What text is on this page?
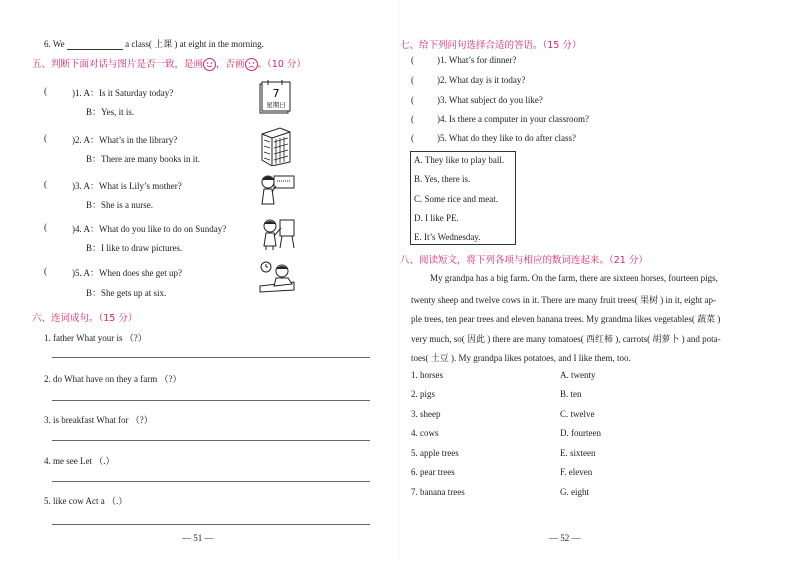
6. We	a class( 上课 ) at eight in the morning.
五、判断下面对话与图片是否一致，是画 ，否画 。（10 分）
(	)1. A：Is it Saturday today?
B：Yes, it is.
(	)2. A：What’s in the library?
B：There are many books in it.
(	)3. A：What is Lily’s mother?
B：She is a nurse.
(	)4. A：What do you like to do on Sunday?
B：I like to draw pictures.
(	)5. A：When does she get up?
B：She gets up at six.
7
星期日
六、连词成句。（15 分）
1. father What your is （?）
2. do What have on they a farm （?）
3. is breakfast What for （?）
4. me see Let （.）
5. like cow Act a （.）
— 51 —
七、给下列问句选择合适的答语。（15 分）
(	)1. What’s for dinner?
(	)2. What day is it today?
(	)3. What subject do you like?
(	)4. Is there a computer in your classroom?
(	)5. What do they like to do after class?
A. They like to play ball.
B. Yes, there is.
C. Some rice and meat.
D. I like PE.
E. It’s Wednesday.
八、阅读短文，将下列各项与相应的数词连起来。（21 分）
My grandpa has a big farm. On the farm, there are sixteen horses, fourteen pigs,
twenty sheep and twelve cows in it. There are many fruit trees( 果树 ) in it, eight ap-
ple trees, ten pear trees and eleven banana trees. My grandma likes vegetables( 蔬菜 )
very much, so( 因此 ) there are many tomatoes( 西红柿 ), carrots( 胡萝卜 ) and pota-
toes( 土豆 ). My grandpa likes potatoes, and I like them, too.
1. horses
2. pigs
3. sheep
4. cows
5. apple trees
6. pear trees
7. banana trees
A. twenty
B. ten
C. twelve
D. fourteen
E. sixteen
F. eleven
G. eight
— 52 —
